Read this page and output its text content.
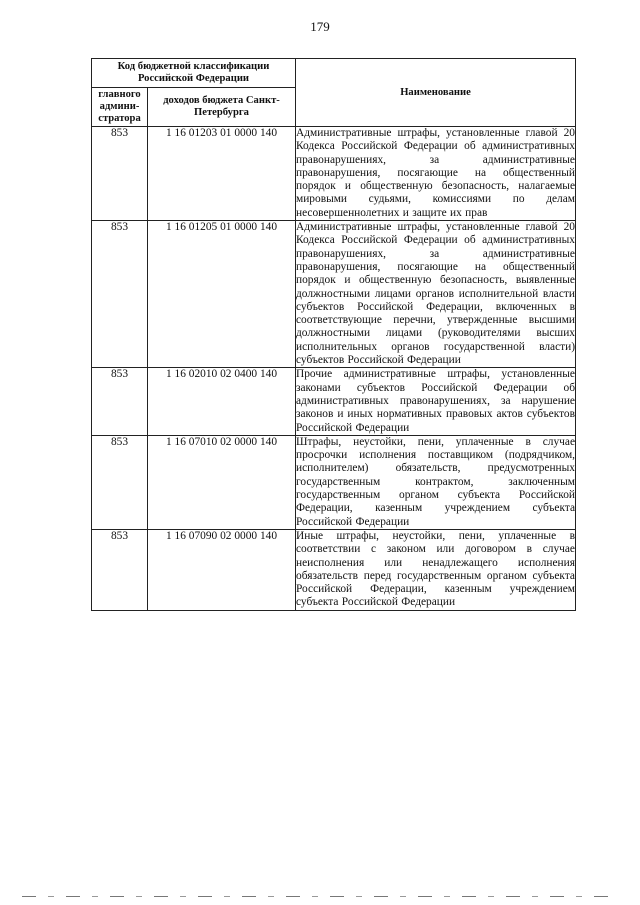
179
Код бюджетной классификации Российской Федерации		Наименование
главного админи-стратора	доходов бюджета Санкт-Петербурга	
853	1 16 01203 01 0000 140	Административные штрафы, установленные главой 20 Кодекса Российской Федерации об административных правонарушениях, за административные правонарушения, посягающие на общественный порядок и общественную безопасность, налагаемые мировыми судьями, комиссиями по делам несовершеннолетних и защите их прав
853	1 16 01205 01 0000 140	Административные штрафы, установленные главой 20 Кодекса Российской Федерации об административных правонарушениях, за административные правонарушения, посягающие на общественный порядок и общественную безопасность, выявленные должностными лицами органов исполнительной власти субъектов Российской Федерации, включенных в соответствующие перечни, утвержденные высшими должностными лицами (руководителями высших исполнительных органов государственной власти) субъектов Российской Федерации
853	1 16 02010 02 0400 140	Прочие административные штрафы, установленные законами субъектов Российской Федерации об административных правонарушениях, за нарушение законов и иных нормативных правовых актов субъектов Российской Федерации
853	1 16 07010 02 0000 140	Штрафы, неустойки, пени, уплаченные в случае просрочки исполнения поставщиком (подрядчиком, исполнителем) обязательств, предусмотренных государственным контрактом, заключенным государственным органом субъекта Российской Федерации, казенным учреждением субъекта Российской Федерации
853	1 16 07090 02 0000 140	Иные штрафы, неустойки, пени, уплаченные в соответствии с законом или договором в случае неисполнения или ненадлежащего исполнения обязательств перед государственным органом субъекта Российской Федерации, казенным учреждением субъекта Российской Федерации
